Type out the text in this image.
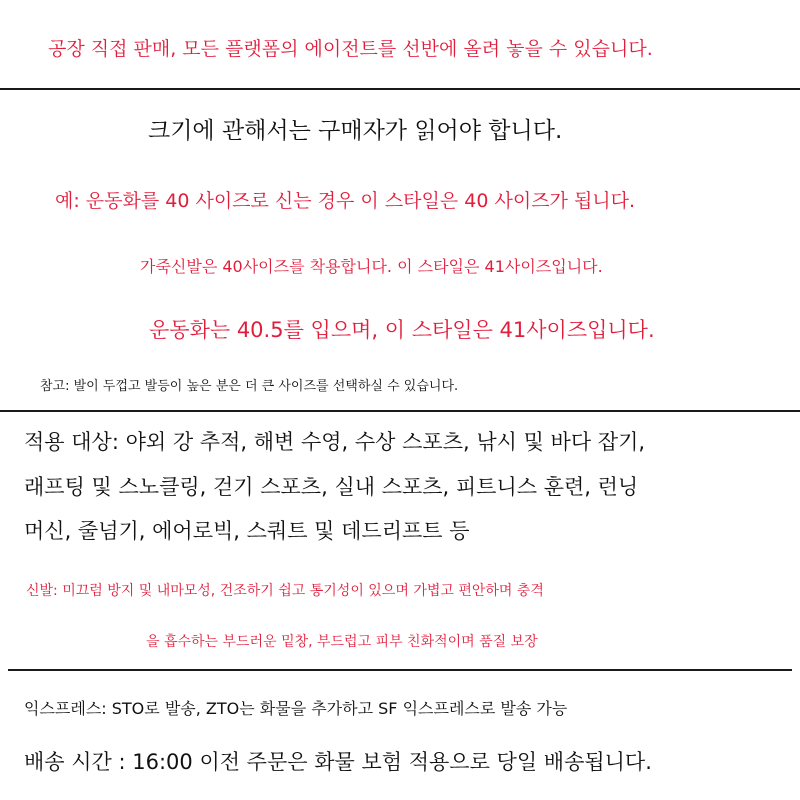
공장 직접 판매, 모든 플랫폼의 에이전트를 선반에 올려 놓을 수 있습니다.
크기에 관해서는 구매자가 읽어야 합니다.
예: 운동화를 40 사이즈로 신는 경우 이 스타일은 40 사이즈가 됩니다.
가죽신발은 40사이즈를 착용합니다. 이 스타일은 41사이즈입니다.
운동화는 40.5를 입으며, 이 스타일은 41사이즈입니다.
참고: 발이 두껍고 발등이 높은 분은 더 큰 사이즈를 선택하실 수 있습니다.
적용 대상: 야외 강 추적, 해변 수영, 수상 스포츠, 낚시 및 바다 잡기,
래프팅 및 스노클링, 걷기 스포츠, 실내 스포츠, 피트니스 훈련, 런닝
머신, 줄넘기, 에어로빅, 스쿼트 및 데드리프트 등
신발: 미끄럼 방지 및 내마모성, 건조하기 쉽고 통기성이 있으며 가볍고 편안하며 충격
을 흡수하는 부드러운 밑창, 부드럽고 피부 친화적이며 품질 보장
익스프레스: STO로 발송, ZTO는 화물을 추가하고 SF 익스프레스로 발송 가능
배송 시간 : 16:00 이전 주문은 화물 보험 적용으로 당일 배송됩니다.
